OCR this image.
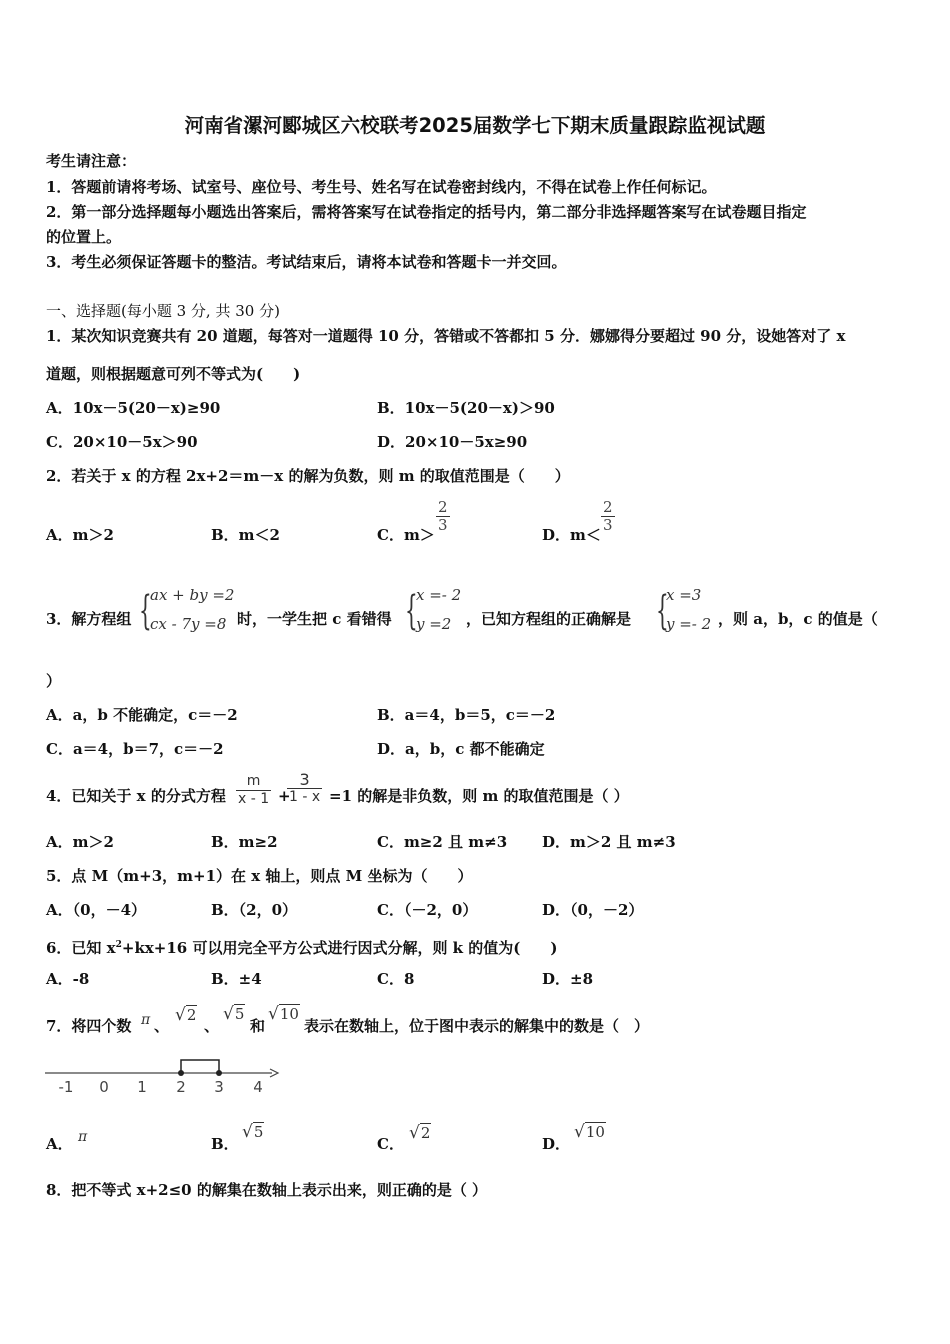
河南省漯河郾城区六校联考2025届数学七下期末质量跟踪监视试题
考生请注意：
1．答题前请将考场、试室号、座位号、考生号、姓名写在试卷密封线内，不得在试卷上作任何标记。
2．第一部分选择题每小题选出答案后，需将答案写在试卷指定的括号内，第二部分非选择题答案写在试卷题目指定
的位置上。
3．考生必须保证答题卡的整洁。考试结束后，请将本试卷和答题卡一并交回。
一、选择题(每小题 3 分, 共 30 分)
1．某次知识竞赛共有 20 道题，每答对一道题得 10 分，答错或不答都扣 5 分．娜娜得分要超过 90 分，设她答对了 x
道题，则根据题意可列不等式为(　　)
A．10x－5(20－x)≥90	B．10x－5(20－x)＞90
C．20×10－5x＞90	D．20×10－5x≥90
2．若关于 x 的方程 2x+2＝m－x 的解为负数，则 m 的取值范围是（　　）
A．m＞2	B．m＜2	C．m＞
$\frac{2}{3}$
D．m＜
$\frac{2}{3}$
3．解方程组 {
ax + by =2
cx - 7y =8 时，一学生把 c 看错得 {
x =- 2
y =2 ，已知方程组的正确解是 {
x =3
y =- 2 ，则 a，b，c 的值是（
）
A．a，b 不能确定，c＝－2	B．a＝4，b＝5，c＝－2
C．a＝4，b＝7，c＝－2	D．a，b，c 都不能确定
4．已知关于 x 的分式方程 $\frac{m}{x - 1}$ +
$\frac{3}{1 - x} =1$ 的解是非负数，则 m 的取值范围是（ ）
A．m＞2	B．m≥2	C．m≥2 且 m≠3 D．m＞2 且 m≠3
5．点 M（m+3，m+1）在 x 轴上，则点 M 坐标为（　　）
A．（0，－4）	B．（2，0）	C．（－2，0）	D．（0，－2）
6．已知 $x^2+kx+16$ 可以用完全平方公式进行因式分解，则 k 的值为(　　)
A．-8	B．±4	C．8	D．±8
7．将四个数 π 、
√2
、
√5
和
√10
表示在数轴上，位于图中表示的解集中的数是（　）
-1 0 1 2 3 4
A． π	B．
√5
C．
√2
D．
√10
8．把不等式 x+2≤0 的解集在数轴上表示出来，则正确的是（ ）
